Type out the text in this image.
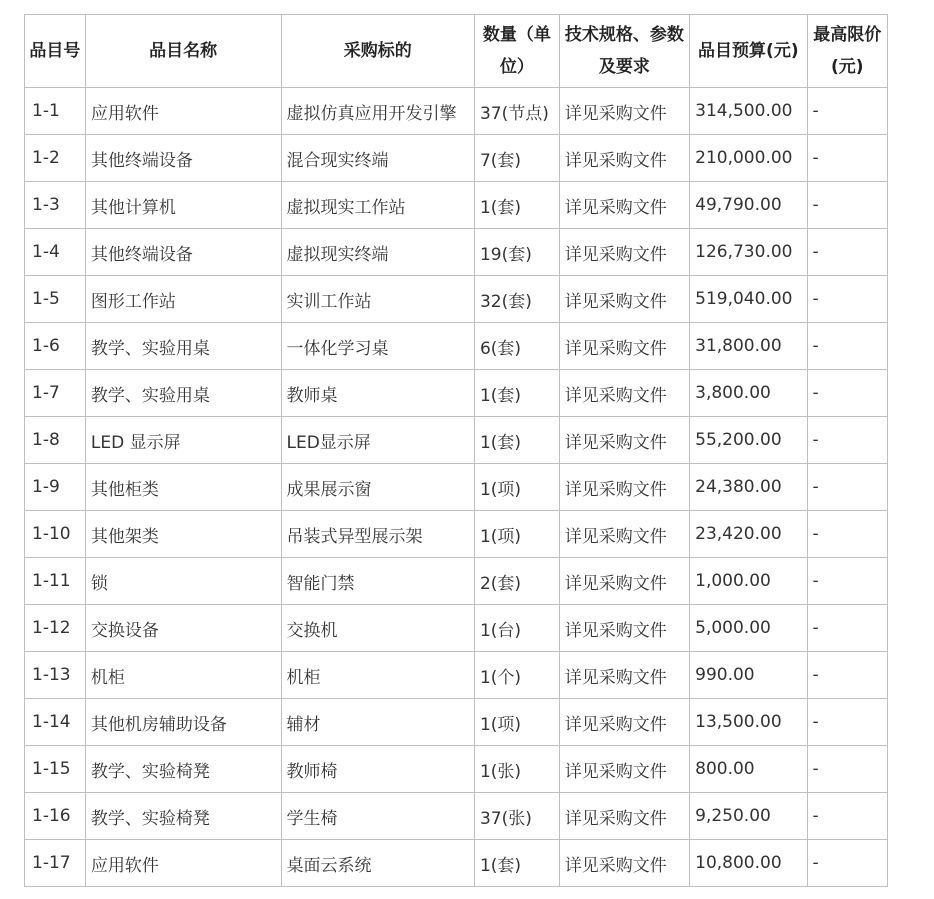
品目号	品目名称	采购标的	数量（单位）	技术规格、参数及要求	品目预算(元)	最高限价(元)
1-1	应用软件	虚拟仿真应用开发引擎	37(节点)	详见采购文件	314,500.00	-
1-2	其他终端设备	混合现实终端	7(套)	详见采购文件	210,000.00	-
1-3	其他计算机	虚拟现实工作站	1(套)	详见采购文件	49,790.00	-
1-4	其他终端设备	虚拟现实终端	19(套)	详见采购文件	126,730.00	-
1-5	图形工作站	实训工作站	32(套)	详见采购文件	519,040.00	-
1-6	教学、实验用桌	一体化学习桌	6(套)	详见采购文件	31,800.00	-
1-7	教学、实验用桌	教师桌	1(套)	详见采购文件	3,800.00	-
1-8	LED 显示屏	LED显示屏	1(套)	详见采购文件	55,200.00	-
1-9	其他柜类	成果展示窗	1(项)	详见采购文件	24,380.00	-
1-10	其他架类	吊装式异型展示架	1(项)	详见采购文件	23,420.00	-
1-11	锁	智能门禁	2(套)	详见采购文件	1,000.00	-
1-12	交换设备	交换机	1(台)	详见采购文件	5,000.00	-
1-13	机柜	机柜	1(个)	详见采购文件	990.00	-
1-14	其他机房辅助设备	辅材	1(项)	详见采购文件	13,500.00	-
1-15	教学、实验椅凳	教师椅	1(张)	详见采购文件	800.00	-
1-16	教学、实验椅凳	学生椅	37(张)	详见采购文件	9,250.00	-
1-17	应用软件	桌面云系统	1(套)	详见采购文件	10,800.00	-
